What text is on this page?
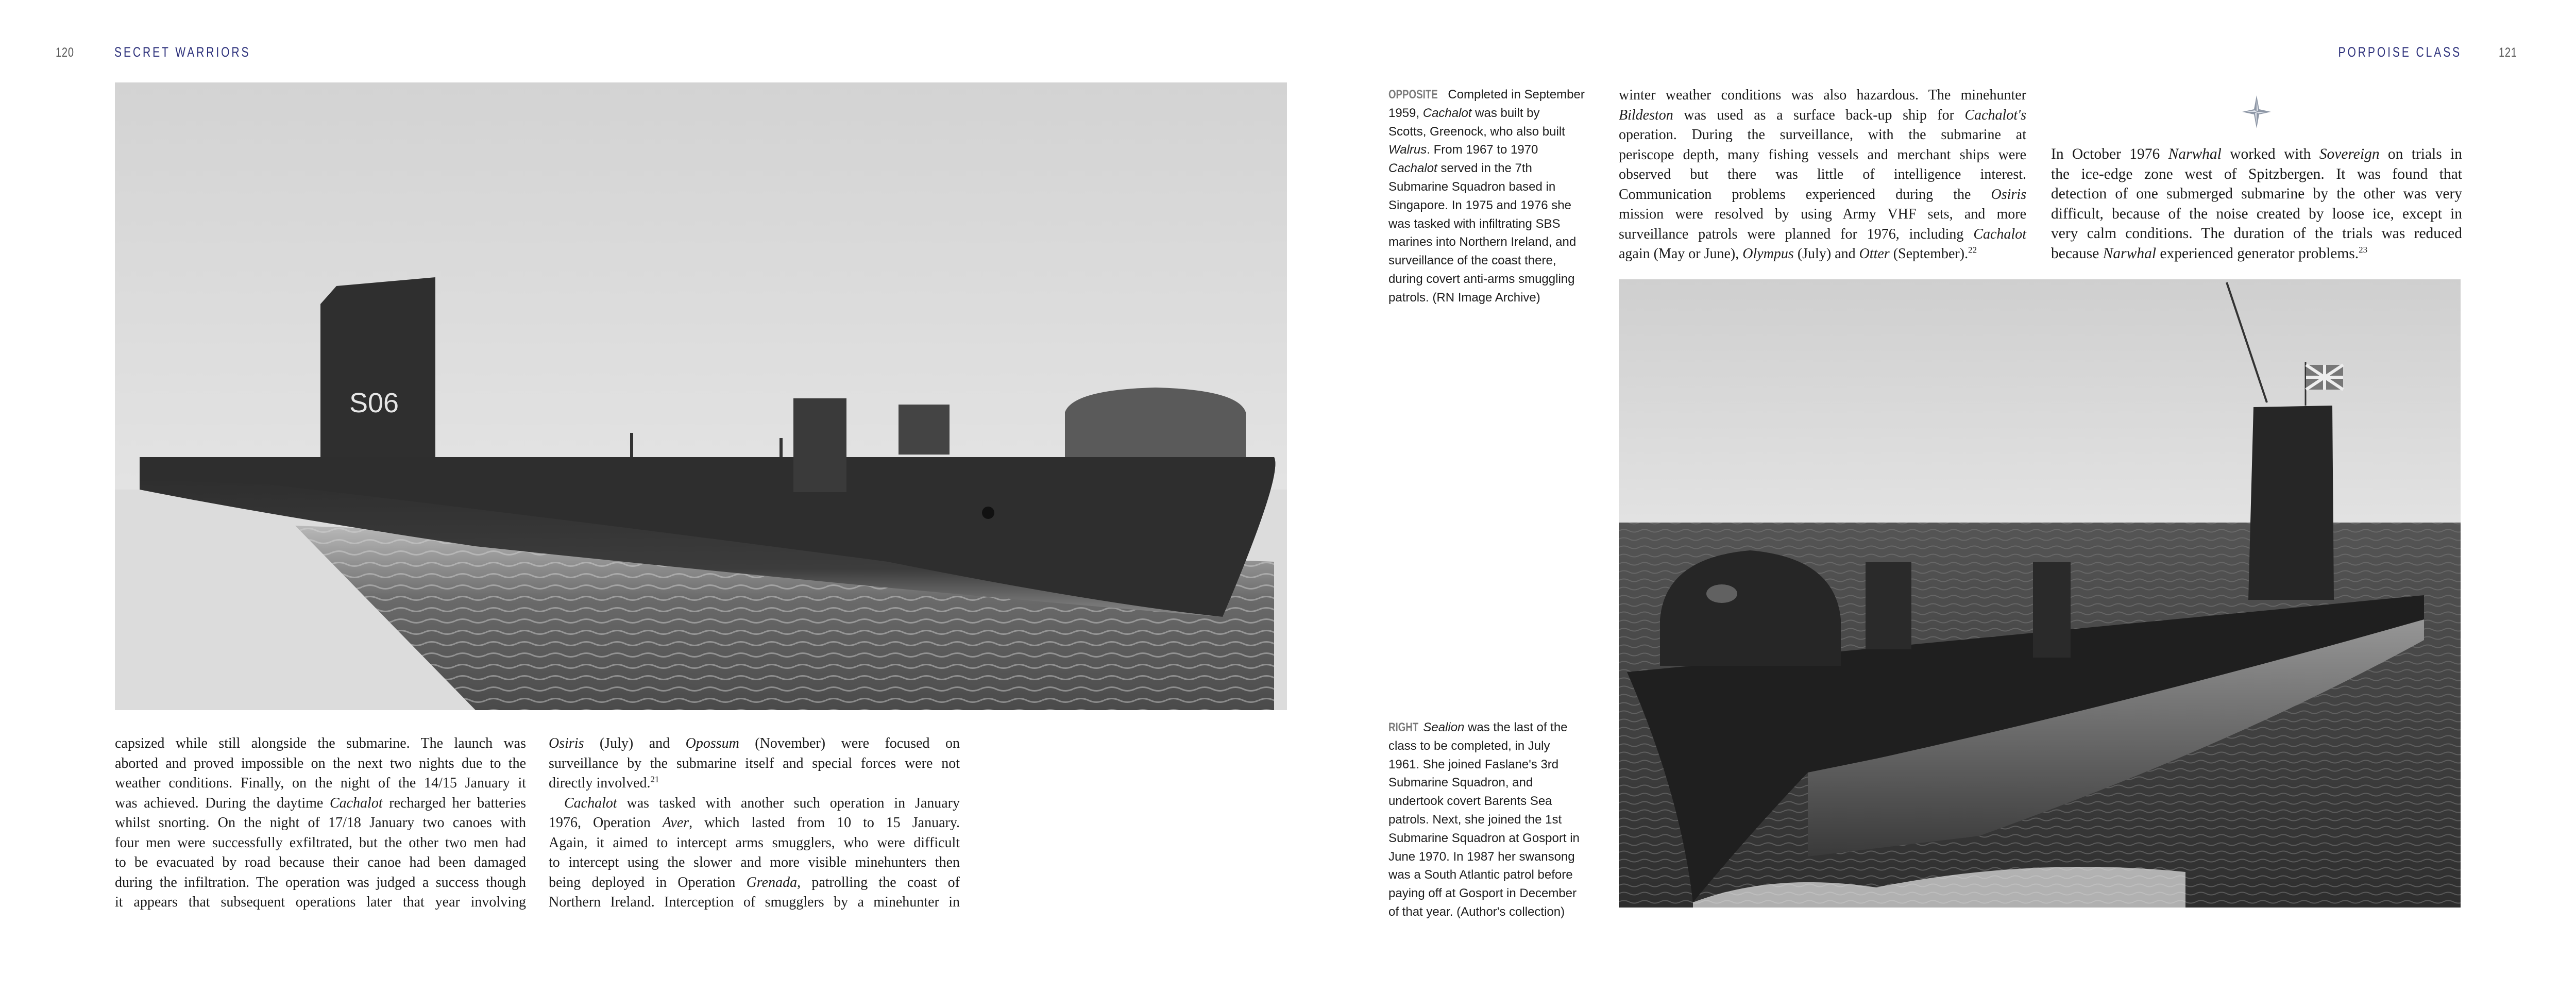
120	SECRET WARRIORS	PORPOISE CLASS	121
S06
capsized while still alongside the submarine. The launch was
aborted and proved impossible on the next two nights due to the
weather conditions. Finally, on the night of the 14/15 January it
was achieved. During the daytime Cachalot recharged her batteries
whilst snorting. On the night of 17/18 January two canoes with
four men were successfully exfiltrated, but the other two men had
to be evacuated by road because their canoe had been damaged
during the infiltration. The operation was judged a success though
it appears that subsequent operations later that year involving
Osiris (July) and Opossum (November) were focused on
surveillance by the submarine itself and special forces were not
directly involved.$^{21}$
Cachalot was tasked with another such operation in January
1976, Operation Aver, which lasted from 10 to 15 January.
Again, it aimed to intercept arms smugglers, who were difficult
to intercept using the slower and more visible minehunters then
being deployed in Operation Grenada, patrolling the coast of
Northern Ireland. Interception of smugglers by a minehunter in
OPPOSITE Completed in September
1959, Cachalot was built by
Scotts, Greenock, who also built
Walrus. From 1967 to 1970
Cachalot served in the 7th
Submarine Squadron based in
Singapore. In 1975 and 1976 she
was tasked with infiltrating SBS
marines into Northern Ireland, and
surveillance of the coast there,
during covert anti-arms smuggling
patrols. (RN Image Archive)
winter weather conditions was also hazardous. The minehunter
Bildeston was used as a surface back-up ship for Cachalot's
operation. During the surveillance, with the submarine at
periscope depth, many fishing vessels and merchant ships were
observed but there was little of intelligence interest.
Communication problems experienced during the Osiris
mission were resolved by using Army VHF sets, and more
surveillance patrols were planned for 1976, including Cachalot
again (May or June), Olympus (July) and Otter (September).$^{22}$
In October 1976 Narwhal worked with Sovereign on trials in
the ice-edge zone west of Spitzbergen. It was found that
detection of one submerged submarine by the other was very
difficult, because of the noise created by loose ice, except in
very calm conditions. The duration of the trials was reduced
because Narwhal experienced generator problems.$^{23}$
RIGHT Sealion was the last of the
class to be completed, in July
1961. She joined Faslane's 3rd
Submarine Squadron, and
undertook covert Barents Sea
patrols. Next, she joined the 1st
Submarine Squadron at Gosport in
June 1970. In 1987 her swansong
was a South Atlantic patrol before
paying off at Gosport in December
of that year. (Author's collection)
